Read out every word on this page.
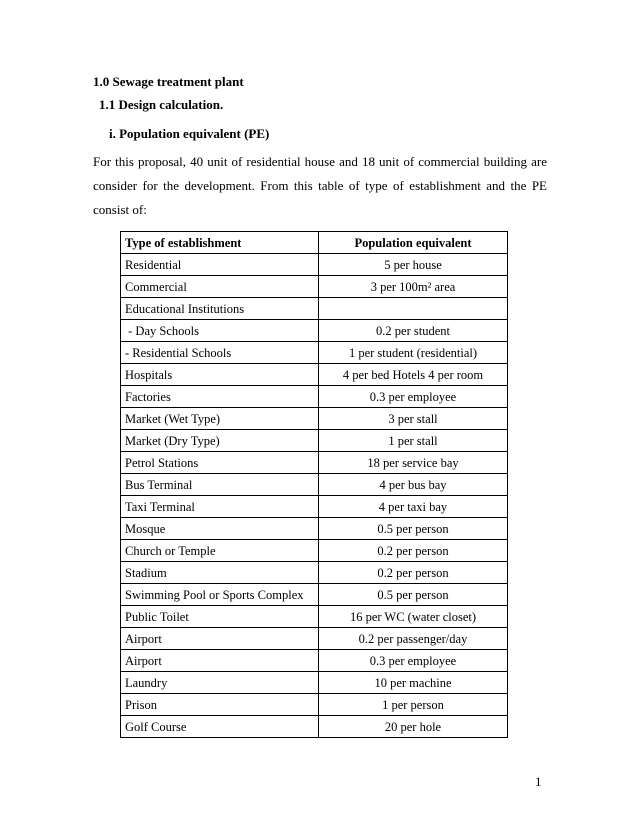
1.0 Sewage treatment plant
1.1 Design calculation.
i. Population equivalent (PE)

For this proposal, 40 unit of residential house and 18 unit of commercial building are consider for the development. From this table of type of establishment and the PE consist of:

Type of establishment	Population equivalent
Residential	5 per house
Commercial	3 per 100m² area
Educational Institutions	
- Day Schools	0.2 per student
- Residential Schools	1 per student (residential)
Hospitals	4 per bed Hotels 4 per room
Factories	0.3 per employee
Market (Wet Type)	3 per stall
Market (Dry Type)	1 per stall
Petrol Stations	18 per service bay
Bus Terminal	4 per bus bay
Taxi Terminal	4 per taxi bay
Mosque	0.5 per person
Church or Temple	0.2 per person
Stadium	0.2 per person
Swimming Pool or Sports Complex	0.5 per person
Public Toilet	16 per WC (water closet)
Airport	0.2 per passenger/day
Airport	0.3 per employee
Laundry	10 per machine
Prison	1 per person
Golf Course	20 per hole
1
